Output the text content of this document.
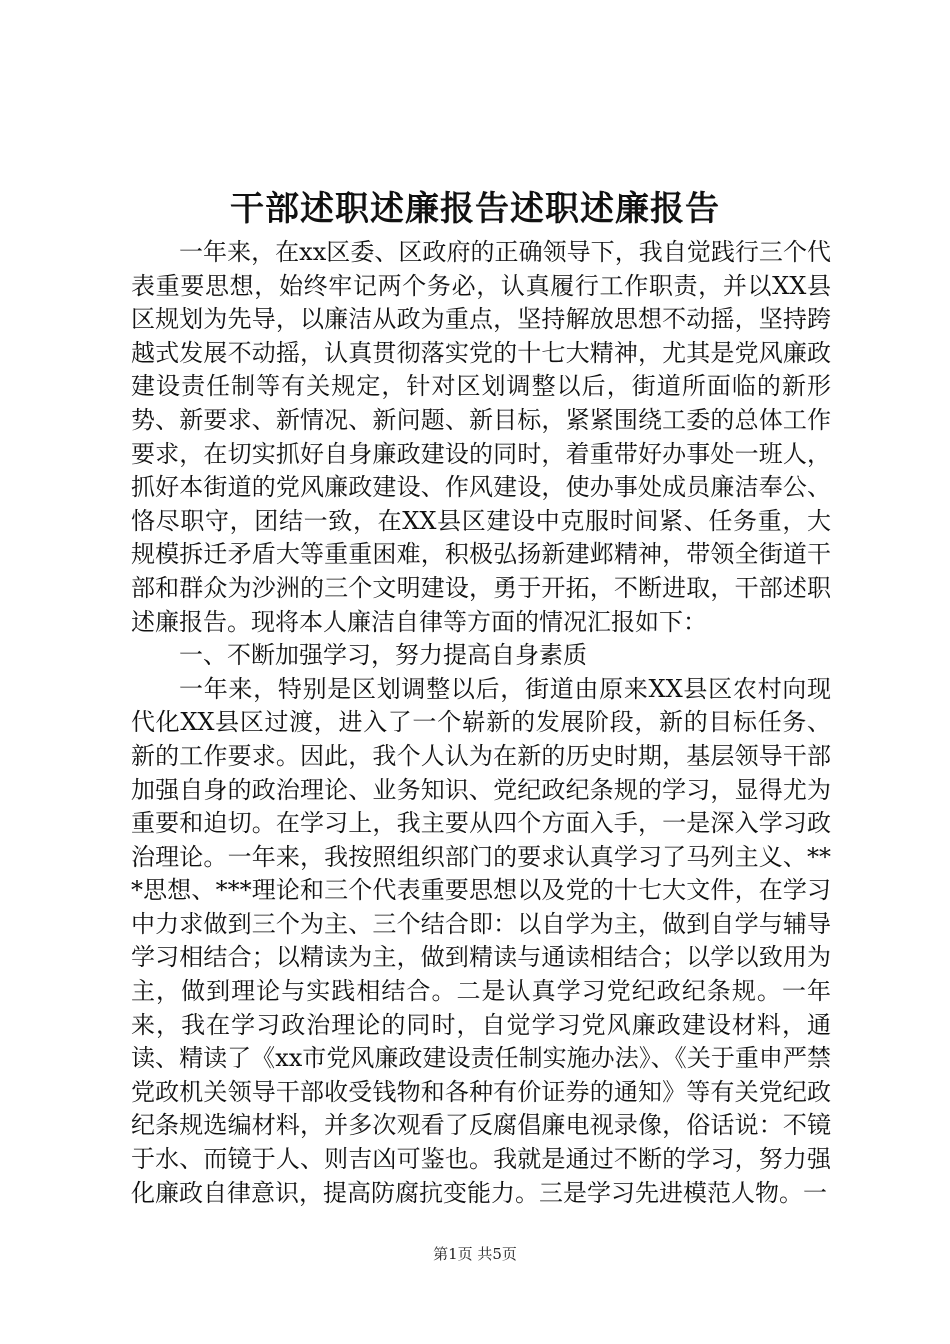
干部述职述廉报告述职述廉报告

一年来，在xx区委、区政府的正确领导下，我自觉践行三个代表重要思想，始终牢记两个务必，认真履行工作职责，并以XX县区规划为先导，以廉洁从政为重点，坚持解放思想不动摇，坚持跨越式发展不动摇，认真贯彻落实党的十七大精神，尤其是党风廉政建设责任制等有关规定，针对区划调整以后，街道所面临的新形势、新要求、新情况、新问题、新目标，紧紧围绕工委的总体工作要求，在切实抓好自身廉政建设的同时，着重带好办事处一班人，抓好本街道的党风廉政建设、作风建设，使办事处成员廉洁奉公、恪尽职守，团结一致，在XX县区建设中克服时间紧、任务重，大规模拆迁矛盾大等重重困难，积极弘扬新建邺精神，带领全街道干部和群众为沙洲的三个文明建设，勇于开拓，不断进取，干部述职述廉报告。现将本人廉洁自律等方面的情况汇报如下：

一、不断加强学习，努力提高自身素质

一年来，特别是区划调整以后，街道由原来XX县区农村向现代化XX县区过渡，进入了一个崭新的发展阶段，新的目标任务、新的工作要求。因此，我个人认为在新的历史时期，基层领导干部加强自身的政治理论、业务知识、党纪政纪条规的学习，显得尤为重要和迫切。在学习上，我主要从四个方面入手，一是深入学习政治理论。一年来，我按照组织部门的要求认真学习了马列主义、***思想、***理论和三个代表重要思想以及党的十七大文件，在学习中力求做到三个为主、三个结合即：以自学为主，做到自学与辅导学习相结合；以精读为主，做到精读与通读相结合；以学以致用为主，做到理论与实践相结合。二是认真学习党纪政纪条规。一年来，我在学习政治理论的同时，自觉学习党风廉政建设材料，通读、精读了《xx市党风廉政建设责任制实施办法》、《关于重申严禁党政机关领导干部收受钱物和各种有价证券的通知》等有关党纪政纪条规选编材料，并多次观看了反腐倡廉电视录像，俗话说：不镜于水、而镜于人、则吉凶可鉴也。我就是通过不断的学习，努力强化廉政自律意识，提高防腐抗变能力。三是学习先进模范人物。一

第1页 共5页
